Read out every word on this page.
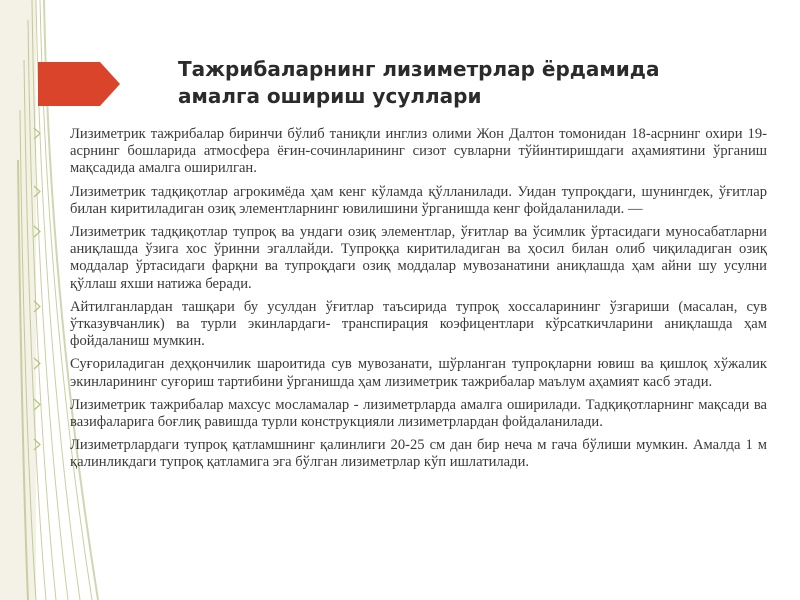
Тажрибаларнинг лизиметрлар ёрдамида
амалга ошириш усуллари
Лизиметрик тажрибалар биринчи бўлиб таниқли инглиз олими Жон Далтон томонидан 18-асрнинг охири 19-асрнинг бошларида атмосфера ёғин-сочинларининг сизот сувларни тўйинтиришдаги аҳамиятини ўрганиш мақсадида амалга оширилган.
Лизиметрик тадқиқотлар агрокимёда ҳам кенг кўламда қўлланилади. Уидан тупроқдаги, шунингдек, ўғитлар билан киритиладиган озиқ элементларнинг ювилишини ўрганишда кенг фойдаланилади. —
Лизиметрик тадқиқотлар тупроқ ва ундаги озиқ элементлар, ўғитлар ва ўсимлик ўртасидаги муносабатларни аниқлашда ўзига хос ўринни эгаллайди. Тупроққа киритиладиган ва ҳосил билан олиб чиқиладиган озиқ моддалар ўртасидаги фарқни ва тупроқдаги озиқ моддалар мувозанатини аниқлашда ҳам айни шу усулни қўллаш яхши натижа беради.
Айтилганлардан ташқари бу усулдан ўғитлар таъсирида тупроқ хоссаларининг ўзгариши (масалан, сув ўтказувчанлик) ва турли экинлардаги- транспирация коэфицентлари кўрсаткичларини аниқлашда ҳам фойдаланиш мумкин.
Суғориладиган деҳқончилик шароитида сув мувозанати, шўрланган тупроқларни ювиш ва қишлоқ хўжалик экинларининг суғориш тартибини ўрганишда ҳам лизиметрик тажрибалар маълум аҳамият касб этади.
Лизиметрик тажрибалар махсус мосламалар - лизиметрларда амалга оширилади. Тадқиқотларнинг мақсади ва вазифаларига боғлиқ равишда турли конструкцияли лизиметрлардан фойдаланилади.
Лизиметрлардаги тупроқ қатламшнинг қалинлиги 20-25 см дан бир неча м гача бўлиши мумкин. Амалда 1 м қалинликдаги тупроқ қатламига эга бўлган лизиметрлар кўп ишлатилади.
